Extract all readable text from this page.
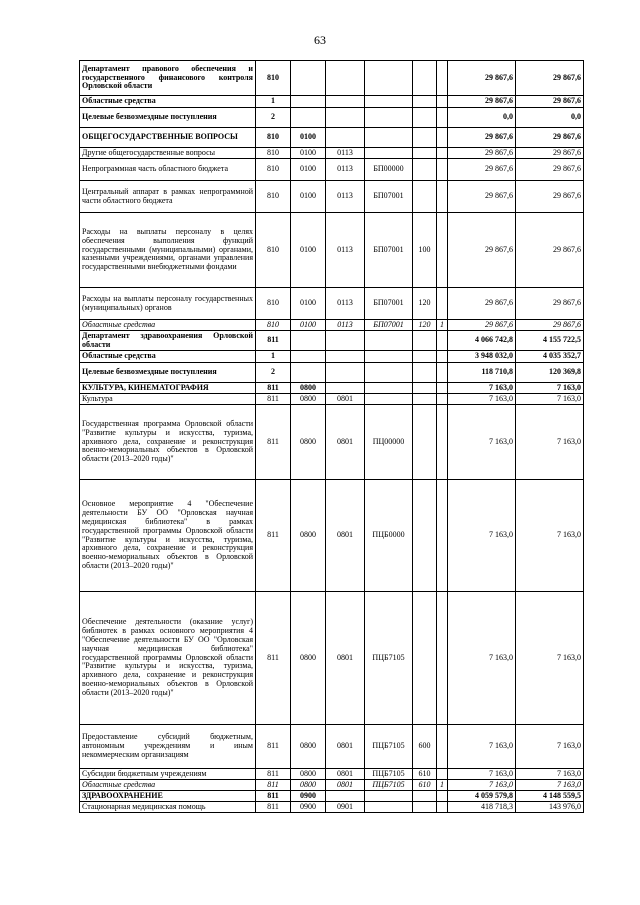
63
Департамент правового обеспечения и государственного финансового контроля Орловской области	810						29 867,6	29 867,6
Областные средства	1						29 867,6	29 867,6
Целевые безвозмездные поступления	2						0,0	0,0
ОБЩЕГОСУДАРСТВЕННЫЕ ВОПРОСЫ	810	0100					29 867,6	29 867,6
Другие общегосударственные вопросы	810	0100	0113				29 867,6	29 867,6
Непрограммная часть областного бюджета	810	0100	0113	БП00000			29 867,6	29 867,6
Центральный аппарат в рамках непрограммной части областного бюджета	810	0100	0113	БП07001			29 867,6	29 867,6
Расходы на выплаты персоналу в целях обеспечения выполнения функций государственными (муниципальными) органами, казенными учреждениями, органами управления государственными внебюджетными фондами	810	0100	0113	БП07001	100		29 867,6	29 867,6
Расходы на выплаты персоналу государственных (муниципальных) органов	810	0100	0113	БП07001	120		29 867,6	29 867,6
Областные средства	810	0100	0113	БП07001	120	1	29 867,6	29 867,6
Департамент здравоохранения Орловской области	811						4 066 742,8	4 155 722,5
Областные средства	1						3 948 032,0	4 035 352,7
Целевые безвозмездные поступления	2						118 710,8	120 369,8
КУЛЬТУРА, КИНЕМАТОГРАФИЯ	811	0800					7 163,0	7 163,0
Культура	811	0800	0801				7 163,0	7 163,0
Государственная программа Орловской области "Развитие культуры и искусства, туризма, архивного дела, сохранение и реконструкция военно-мемориальных объектов в Орловской области (2013–2020 годы)"	811	0800	0801	ПЦ00000			7 163,0	7 163,0
Основное мероприятие 4 "Обеспечение деятельности БУ ОО "Орловская научная медицинская библиотека" в рамках государственной программы Орловской области "Развитие культуры и искусства, туризма, архивного дела, сохранение и реконструкция военно-мемориальных объектов в Орловской области (2013–2020 годы)"	811	0800	0801	ПЦБ0000			7 163,0	7 163,0
Обеспечение деятельности (оказание услуг) библиотек в рамках основного мероприятия 4 "Обеспечение деятельности БУ ОО "Орловская научная медицинская библиотека" государственной программы Орловской области "Развитие культуры и искусства, туризма, архивного дела, сохранение и реконструкция военно-мемориальных объектов в Орловской области (2013–2020 годы)"	811	0800	0801	ПЦБ7105			7 163,0	7 163,0
Предоставление субсидий бюджетным, автономным учреждениям и иным некоммерческим организациям	811	0800	0801	ПЦБ7105	600		7 163,0	7 163,0
Субсидии бюджетным учреждениям	811	0800	0801	ПЦБ7105	610		7 163,0	7 163,0
Областные средства	811	0800	0801	ПЦБ7105	610	1	7 163,0	7 163,0
ЗДРАВООХРАНЕНИЕ	811	0900					4 059 579,8	4 148 559,5
Стационарная медицинская помощь	811	0900	0901				418 718,3	143 976,0
